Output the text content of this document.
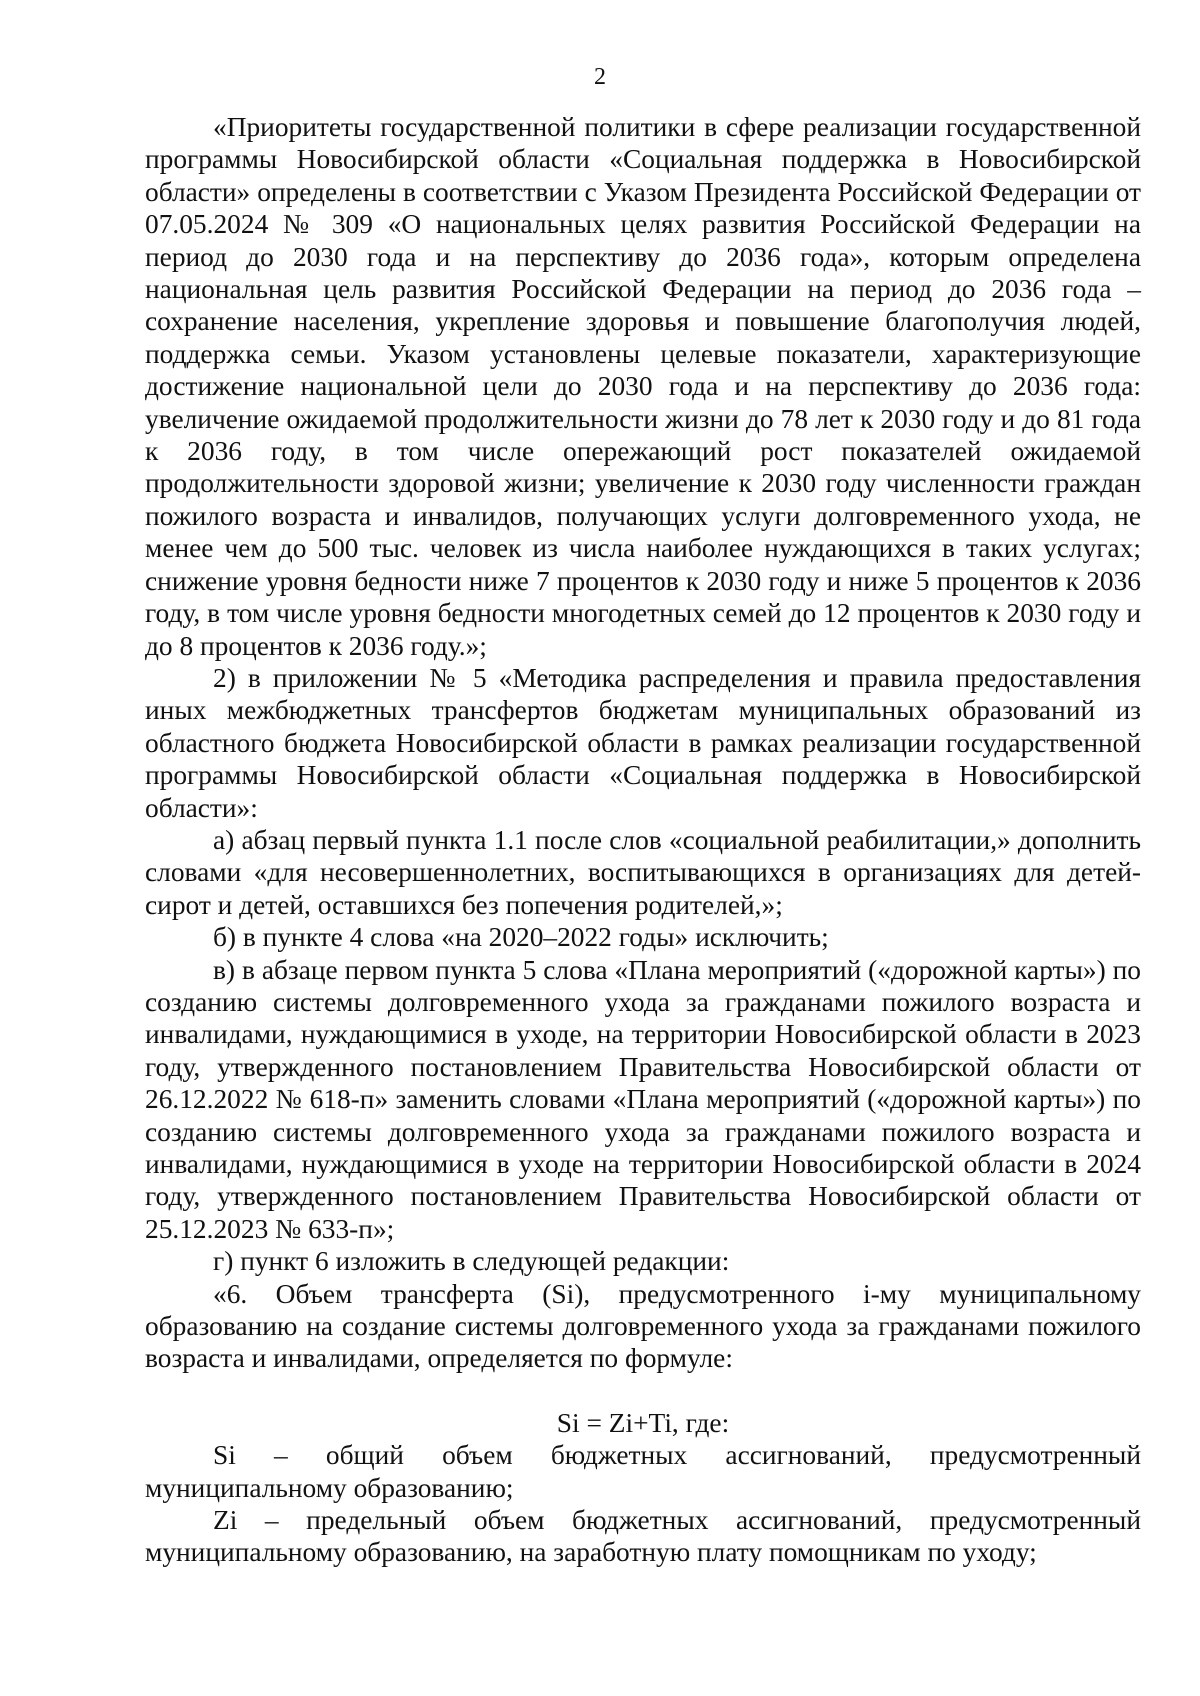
2

«Приоритеты государственной политики в сфере реализации государственной программы Новосибирской области «Социальная поддержка в Новосибирской области» определены в соответствии с Указом Президента Российской Федерации от 07.05.2024 № 309 «О национальных целях развития Российской Федерации на период до 2030 года и на перспективу до 2036 года», которым определена национальная цель развития Российской Федерации на период до 2036 года – сохранение населения, укрепление здоровья и повышение благополучия людей, поддержка семьи. Указом установлены целевые показатели, характеризующие достижение национальной цели до 2030 года и на перспективу до 2036 года: увеличение ожидаемой продолжительности жизни до 78 лет к 2030 году и до 81 года к 2036 году, в том числе опережающий рост показателей ожидаемой продолжительности здоровой жизни; увеличение к 2030 году численности граждан пожилого возраста и инвалидов, получающих услуги долговременного ухода, не менее чем до 500 тыс. человек из числа наиболее нуждающихся в таких услугах; снижение уровня бедности ниже 7 процентов к 2030 году и ниже 5 процентов к 2036 году, в том числе уровня бедности многодетных семей до 12 процентов к 2030 году и до 8 процентов к 2036 году.»;

2) в приложении № 5 «Методика распределения и правила предоставления иных межбюджетных трансфертов бюджетам муниципальных образований из областного бюджета Новосибирской области в рамках реализации государственной программы Новосибирской области «Социальная поддержка в Новосибирской области»:

а) абзац первый пункта 1.1 после слов «социальной реабилитации,» дополнить словами «для несовершеннолетних, воспитывающихся в организациях для детей-сирот и детей, оставшихся без попечения родителей,»;

б) в пункте 4 слова «на 2020–2022 годы» исключить;

в) в абзаце первом пункта 5 слова «Плана мероприятий («дорожной карты») по созданию системы долговременного ухода за гражданами пожилого возраста и инвалидами, нуждающимися в уходе, на территории Новосибирской области в 2023 году, утвержденного постановлением Правительства Новосибирской области от 26.12.2022 № 618-п» заменить словами «Плана мероприятий («дорожной карты») по созданию системы долговременного ухода за гражданами пожилого возраста и инвалидами, нуждающимися в уходе на территории Новосибирской области в 2024 году, утвержденного постановлением Правительства Новосибирской области от 25.12.2023 № 633-п»;

г) пункт 6 изложить в следующей редакции:

«6. Объем трансферта (Si), предусмотренного i-му муниципальному образованию на создание системы долговременного ухода за гражданами пожилого возраста и инвалидами, определяется по формуле:

Si = Zi+Ti, где:

Si – общий объем бюджетных ассигнований, предусмотренный муниципальному образованию;

Zi – предельный объем бюджетных ассигнований, предусмотренный муниципальному образованию, на заработную плату помощникам по уходу;
